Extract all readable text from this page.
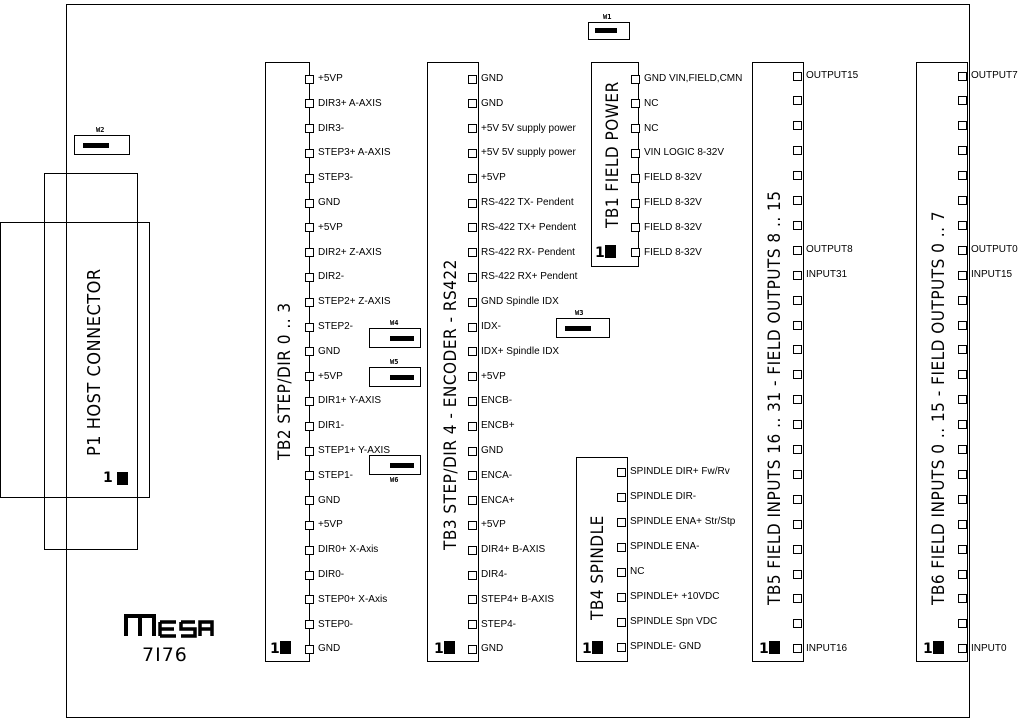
P1 HOST CONNECTOR
1
7I76
W1
W2
W3
W4
W5
W6
TB2 STEP/DIR 0 .. 3
1
+5VP
DIR3+ A-AXIS
DIR3-
STEP3+ A-AXIS
STEP3-
GND
+5VP
DIR2+ Z-AXIS
DIR2-
STEP2+ Z-AXIS
STEP2-
GND
+5VP
DIR1+ Y-AXIS
DIR1-
STEP1+ Y-AXIS
STEP1-
GND
+5VP
DIR0+ X-Axis
DIR0-
STEP0+ X-Axis
STEP0-
GND
TB3 STEP/DIR 4 - ENCODER - RS422
1
GND
GND
+5V 5V supply power
+5V 5V supply power
+5VP
RS-422 TX- Pendent
RS-422 TX+ Pendent
RS-422 RX- Pendent
RS-422 RX+ Pendent
GND Spindle IDX
IDX-
IDX+ Spindle IDX
+5VP
ENCB-
ENCB+
GND
ENCA-
ENCA+
+5VP
DIR4+ B-AXIS
DIR4-
STEP4+ B-AXIS
STEP4-
GND
TB1 FIELD POWER
1
GND VIN,FIELD,CMN
NC
NC
VIN LOGIC 8-32V
FIELD 8-32V
FIELD 8-32V
FIELD 8-32V
FIELD 8-32V
TB4 SPINDLE
1
SPINDLE DIR+ Fw/Rv
SPINDLE DIR-
SPINDLE ENA+ Str/Stp
SPINDLE ENA-
NC
SPINDLE+ +10VDC
SPINDLE Spn VDC
SPINDLE- GND
TB5 FIELD INPUTS 16 .. 31 - FIELD OUTPUTS 8 .. 15
1
OUTPUT15
OUTPUT8
INPUT31
INPUT16
TB6 FIELD INPUTS 0 .. 15 - FIELD OUTPUTS 0 .. 7
1
OUTPUT7
OUTPUT0
INPUT15
INPUT0
